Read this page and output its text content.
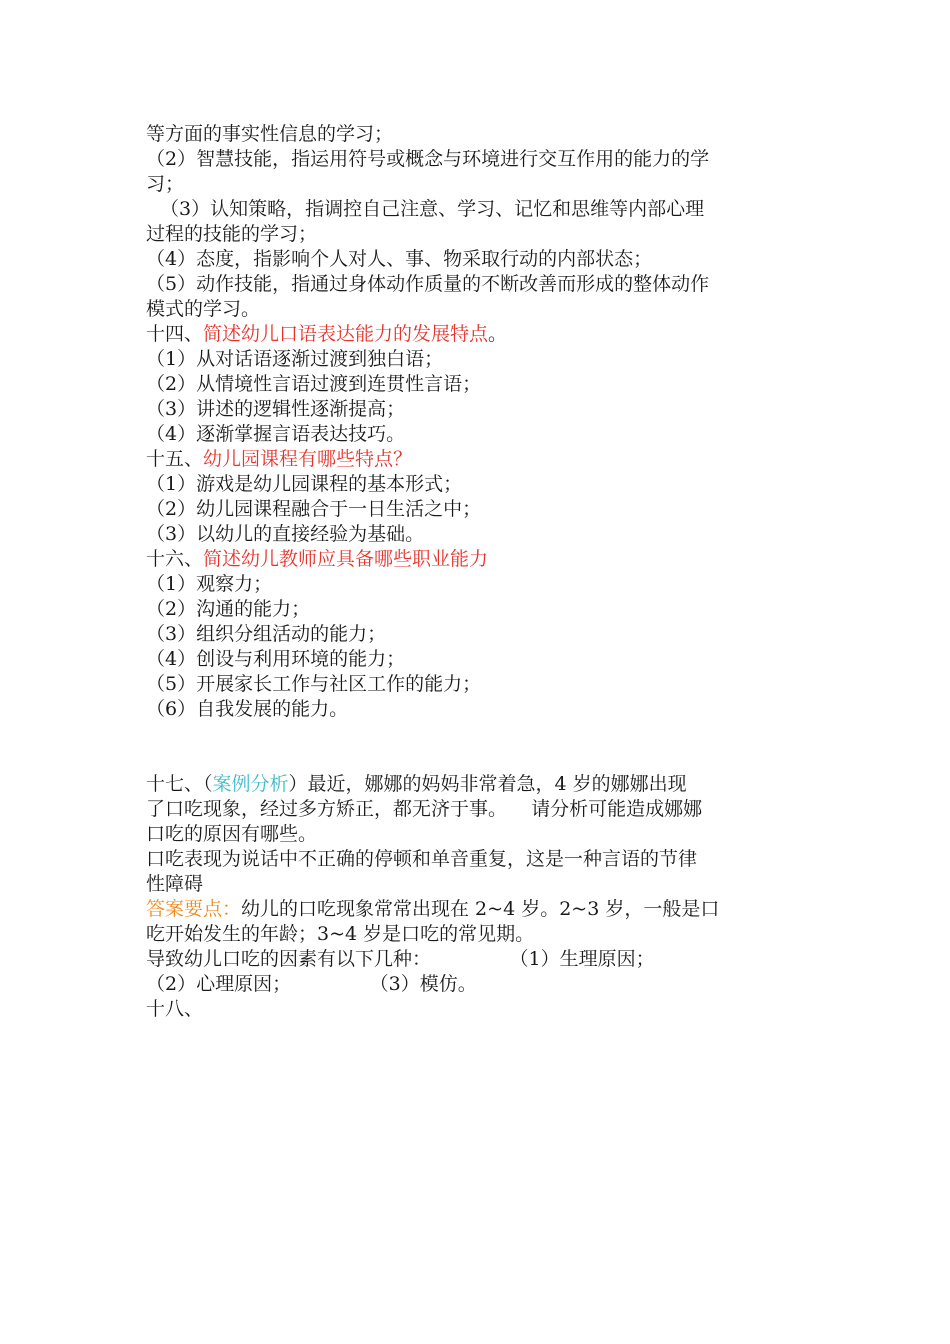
等方面的事实性信息的学习；
（2）智慧技能，指运用符号或概念与环境进行交互作用的能力的学
习；
（3）认知策略，指调控自己注意、学习、记忆和思维等内部心理
过程的技能的学习；
（4）态度，指影响个人对人、事、物采取行动的内部状态；
（5）动作技能，指通过身体动作质量的不断改善而形成的整体动作
模式的学习。
十四、简述幼儿口语表达能力的发展特点。
（1）从对话语逐渐过渡到独白语；
（2）从情境性言语过渡到连贯性言语；
（3）讲述的逻辑性逐渐提高；
（4）逐渐掌握言语表达技巧。
十五、幼儿园课程有哪些特点？
（1）游戏是幼儿园课程的基本形式；
（2）幼儿园课程融合于一日生活之中；
（3）以幼儿的直接经验为基础。
十六、简述幼儿教师应具备哪些职业能力
（1）观察力；
（2）沟通的能力；
（3）组织分组活动的能力；
（4）创设与利用环境的能力；
（5）开展家长工作与社区工作的能力；
（6）自我发展的能力。
十七、（案例分析）最近，娜娜的妈妈非常着急，4 岁的娜娜出现
了口吃现象，经过多方矫正，都无济于事。    请分析可能造成娜娜
口吃的原因有哪些。
口吃表现为说话中不正确的停顿和单音重复，这是一种言语的节律
性障碍
答案要点：幼儿的口吃现象常常出现在 2~4 岁。2~3 岁，一般是口
吃开始发生的年龄；3~4 岁是口吃的常见期。
导致幼儿口吃的因素有以下几种：             （1）生理原因；
（2）心理原因；             （3）模仿。
十八、
